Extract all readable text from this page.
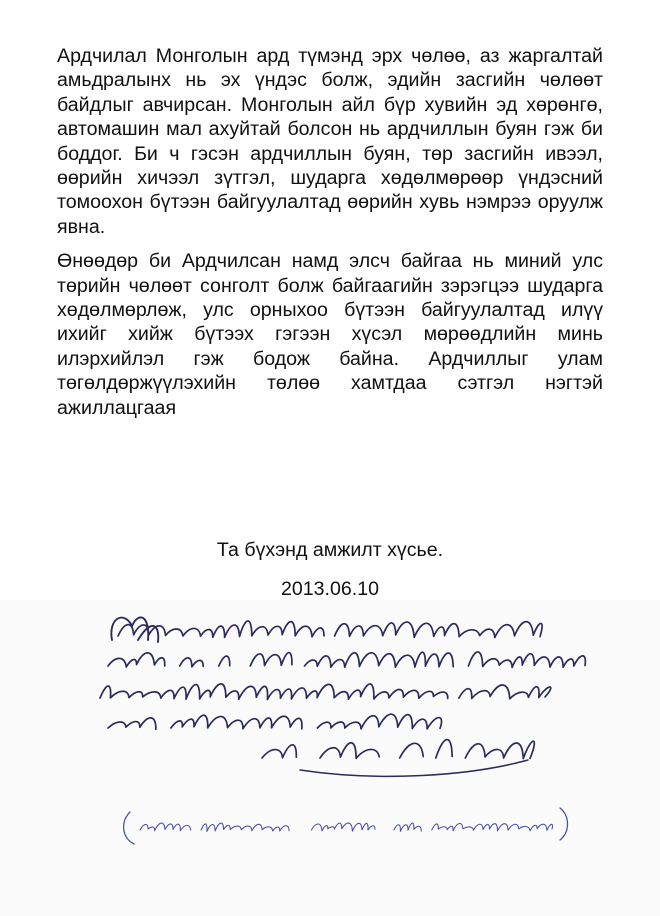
Ардчилал Монголын ард түмэнд эрх чөлөө, аз жаргалтай амьдралынх нь эх үндэс болж, эдийн засгийн чөлөөт байдлыг авчирсан. Монголын айл бүр хувийн эд хөрөнгө, автомашин мал ахуйтай болсон нь ардчиллын буян гэж би боддог. Би ч гэсэн ардчиллын буян, төр засгийн ивээл, өөрийн хичээл зүтгэл, шударга хөдөлмөрөөр үндэсний томоохон бүтээн байгуулалтад өөрийн хувь нэмрээ оруулж явна.

Өнөөдөр би Ардчилсан намд элсч байгаа нь миний улс төрийн чөлөөт сонголт болж байгаагийн зэрэгцээ шударга хөдөлмөрлөж, улс орныхоо бүтээн байгуулалтад илүү ихийг хийж бүтээх гэгээн хүсэл мөрөөдлийн минь илэрхийлэл гэж бодож байна. Ардчиллыг улам төгөлдөржүүлэхийн төлөө хамтдаа сэтгэл нэгтэй ажиллацгаая

Та бүхэнд амжилт хүсье.
2013.06.10
